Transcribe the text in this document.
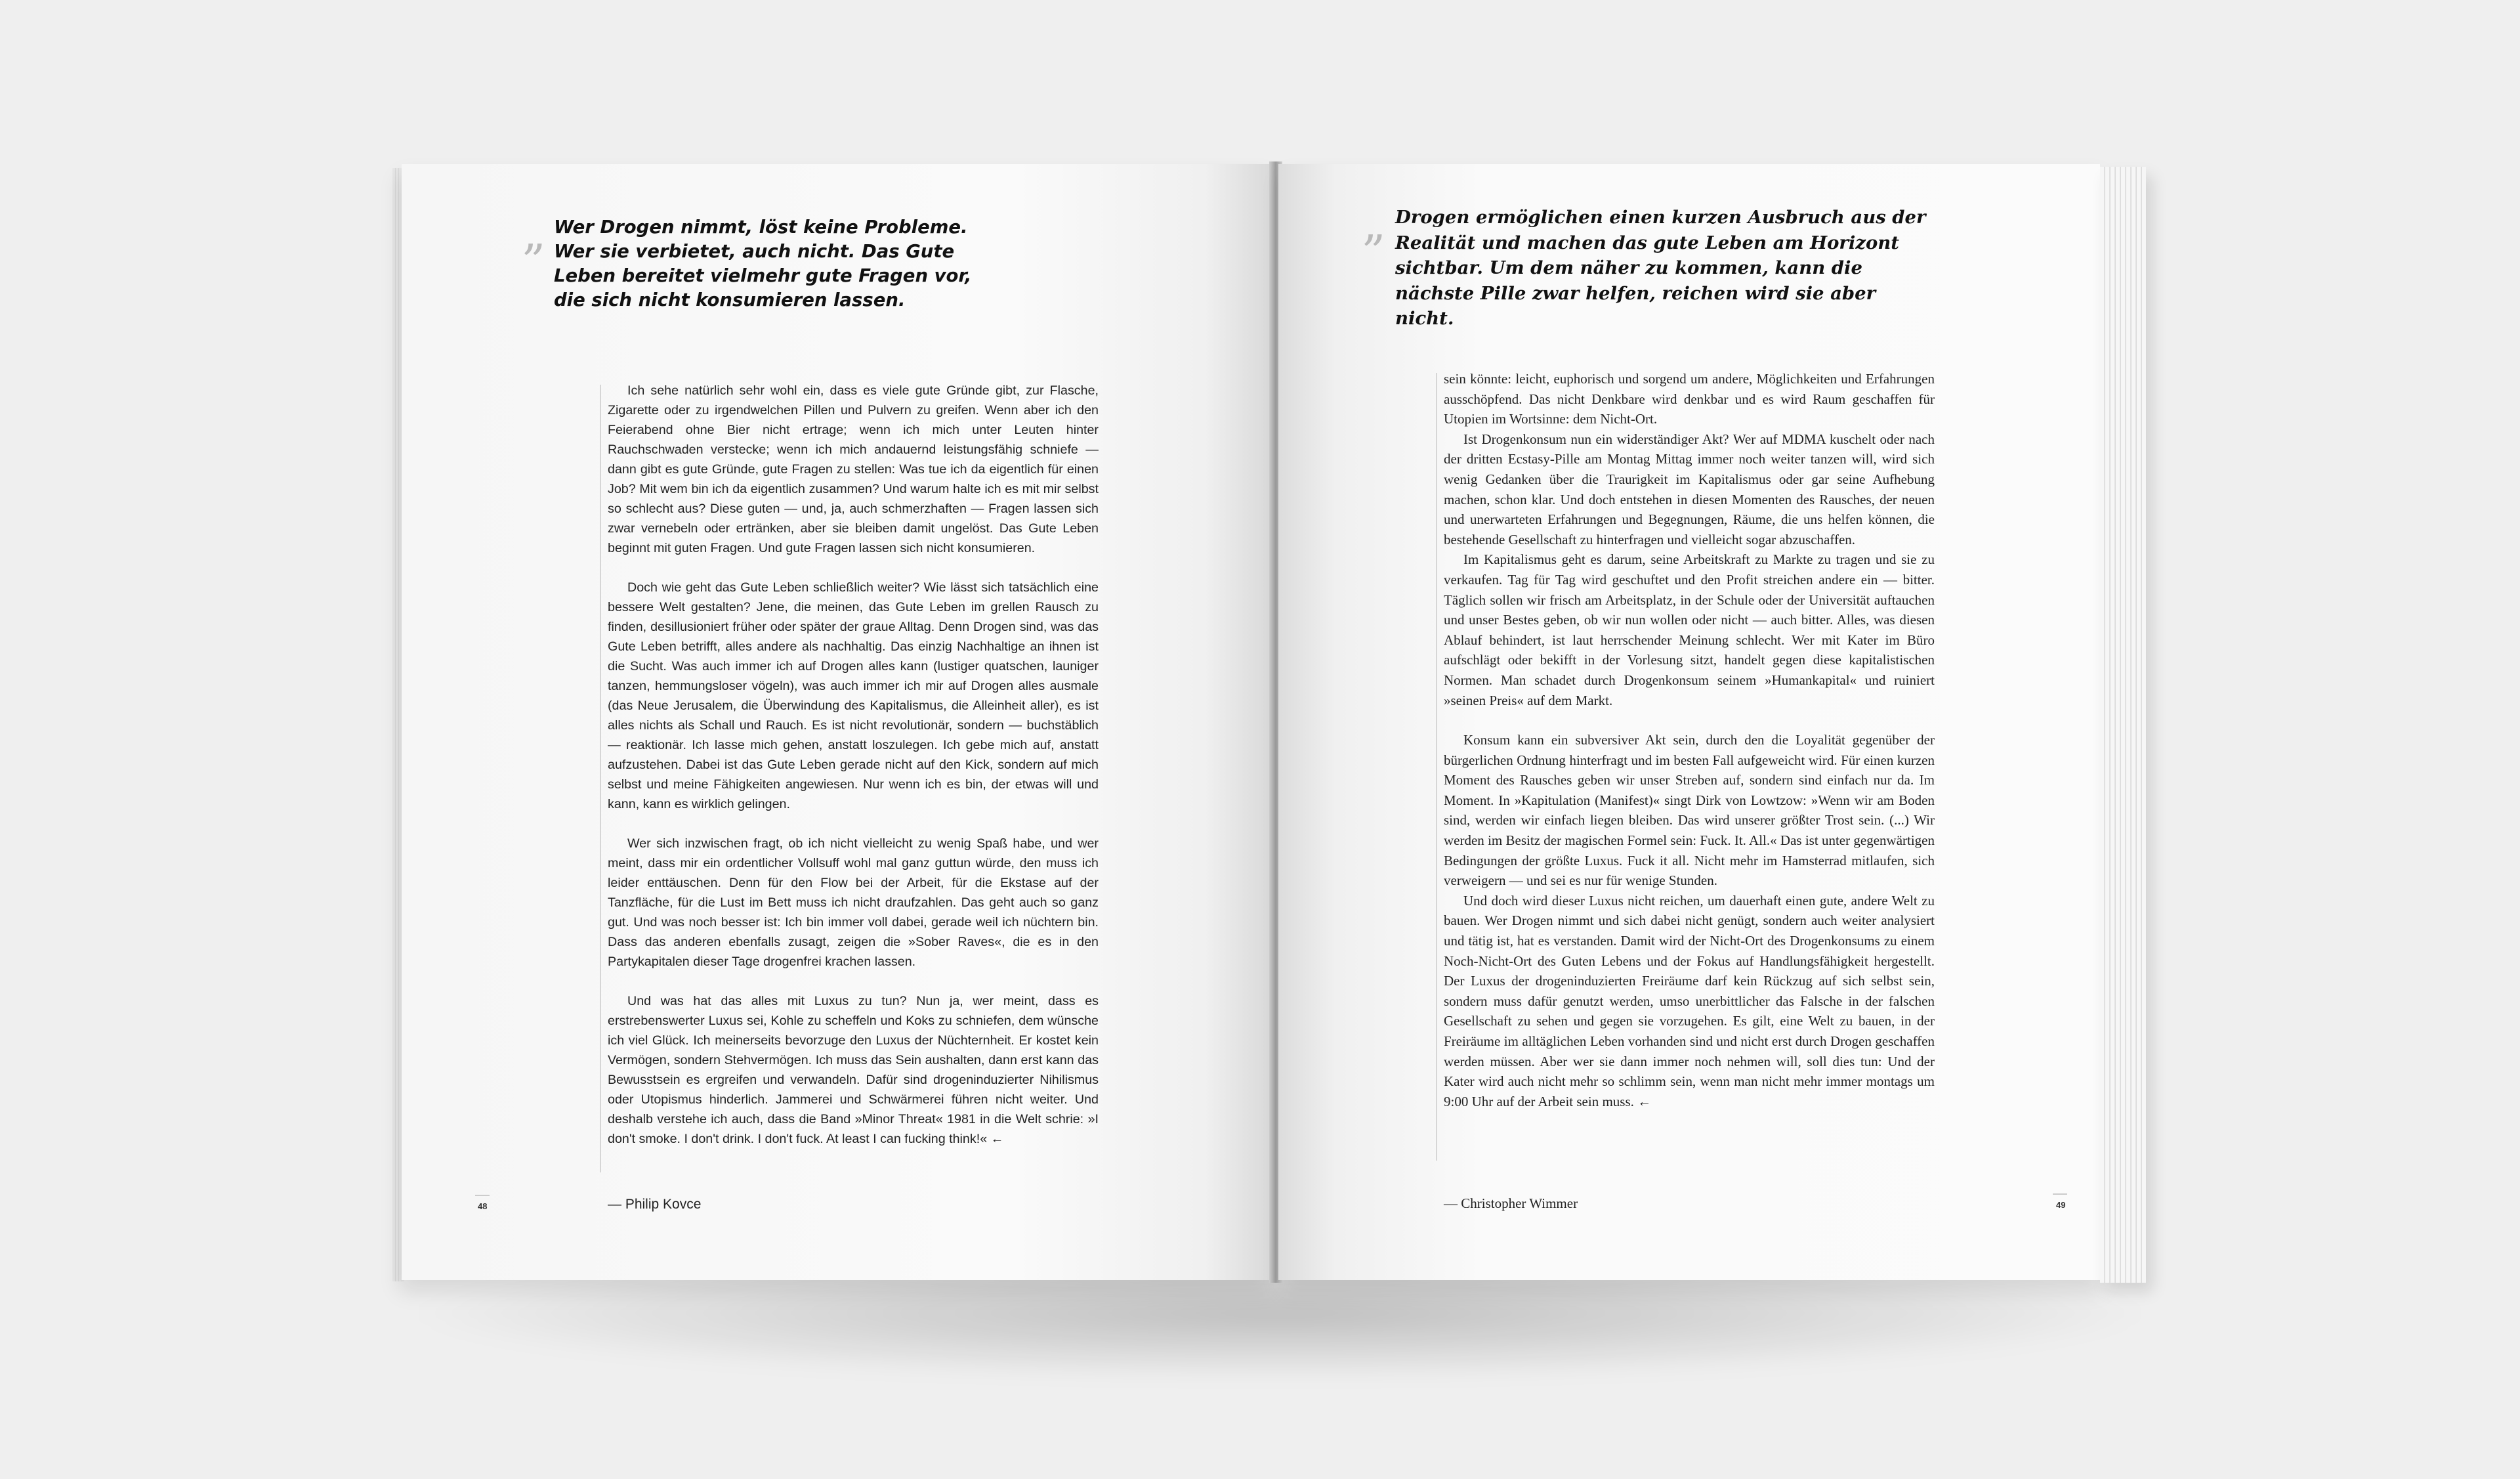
„ Wer Drogen nimmt, löst keine Probleme. Wer sie verbietet, auch nicht. Das Gute Leben bereitet vielmehr gute Fragen vor, die sich nicht konsumieren lassen.

Ich sehe natürlich sehr wohl ein, dass es viele gute Gründe gibt, zur Flasche, Zigarette oder zu irgendwelchen Pillen und Pulvern zu greifen. Wenn aber ich den Feierabend ohne Bier nicht ertrage; wenn ich mich unter Leuten hinter Rauchschwaden verstecke; wenn ich mich andauernd leistungsfähig schniefe — dann gibt es gute Gründe, gute Fragen zu stellen: Was tue ich da eigentlich für einen Job? Mit wem bin ich da eigentlich zusammen? Und warum halte ich es mit mir selbst so schlecht aus? Diese guten — und, ja, auch schmerzhaften — Fragen lassen sich zwar vernebeln oder ertränken, aber sie bleiben damit ungelöst. Das Gute Leben beginnt mit guten Fragen. Und gute Fragen lassen sich nicht konsumieren.

Doch wie geht das Gute Leben schließlich weiter? Wie lässt sich tatsächlich eine bessere Welt gestalten? Jene, die meinen, das Gute Leben im grellen Rausch zu finden, desillusioniert früher oder später der graue Alltag. Denn Drogen sind, was das Gute Leben betrifft, alles andere als nachhaltig. Das einzig Nachhaltige an ihnen ist die Sucht. Was auch immer ich auf Drogen alles kann (lustiger quatschen, launiger tanzen, hemmungsloser vögeln), was auch immer ich mir auf Drogen alles ausmale (das Neue Jerusalem, die Überwindung des Kapitalismus, die Alleinheit aller), es ist alles nichts als Schall und Rauch. Es ist nicht revolutionär, sondern — buchstäblich — reaktionär. Ich lasse mich gehen, anstatt loszulegen. Ich gebe mich auf, anstatt aufzustehen. Dabei ist das Gute Leben gerade nicht auf den Kick, sondern auf mich selbst und meine Fähigkeiten angewiesen. Nur wenn ich es bin, der etwas will und kann, kann es wirklich gelingen.

Wer sich inzwischen fragt, ob ich nicht vielleicht zu wenig Spaß habe, und wer meint, dass mir ein ordentlicher Vollsuff wohl mal ganz guttun würde, den muss ich leider enttäuschen. Denn für den Flow bei der Arbeit, für die Ekstase auf der Tanzfläche, für die Lust im Bett muss ich nicht draufzahlen. Das geht auch so ganz gut. Und was noch besser ist: Ich bin immer voll dabei, gerade weil ich nüchtern bin. Dass das anderen ebenfalls zusagt, zeigen die »Sober Raves«, die es in den Partykapitalen dieser Tage drogenfrei krachen lassen.

Und was hat das alles mit Luxus zu tun? Nun ja, wer meint, dass es erstrebenswerter Luxus sei, Kohle zu scheffeln und Koks zu schniefen, dem wünsche ich viel Glück. Ich meinerseits bevorzuge den Luxus der Nüchternheit. Er kostet kein Vermögen, sondern Stehvermögen. Ich muss das Sein aushalten, dann erst kann das Bewusstsein es ergreifen und verwandeln. Dafür sind drogeninduzierter Nihilismus oder Utopismus hinderlich. Jammerei und Schwärmerei führen nicht weiter. Und deshalb verstehe ich auch, dass die Band »Minor Threat« 1981 in die Welt schrie: »I don't smoke. I don't drink. I don't fuck. At least I can fucking think!« ←

— Philip Kovce
48
„ Drogen ermöglichen einen kurzen Ausbruch aus der Realität und machen das gute Leben am Horizont sichtbar. Um dem näher zu kommen, kann die nächste Pille zwar helfen, reichen wird sie aber nicht.

sein könnte: leicht, euphorisch und sorgend um andere, Möglichkeiten und Erfahrungen ausschöpfend. Das nicht Denkbare wird denkbar und es wird Raum geschaffen für Utopien im Wortsinne: dem Nicht-Ort.

Ist Drogenkonsum nun ein widerständiger Akt? Wer auf MDMA kuschelt oder nach der dritten Ecstasy-Pille am Montag Mittag immer noch weiter tanzen will, wird sich wenig Gedanken über die Traurigkeit im Kapitalismus oder gar seine Aufhebung machen, schon klar. Und doch entstehen in diesen Momenten des Rausches, der neuen und unerwarteten Erfahrungen und Begegnungen, Räume, die uns helfen können, die bestehende Gesellschaft zu hinterfragen und vielleicht sogar abzuschaffen.

Im Kapitalismus geht es darum, seine Arbeitskraft zu Markte zu tragen und sie zu verkaufen. Tag für Tag wird geschuftet und den Profit streichen andere ein — bitter. Täglich sollen wir frisch am Arbeitsplatz, in der Schule oder der Universität auftauchen und unser Bestes geben, ob wir nun wollen oder nicht — auch bitter. Alles, was diesen Ablauf behindert, ist laut herrschender Meinung schlecht. Wer mit Kater im Büro aufschlägt oder bekifft in der Vorlesung sitzt, handelt gegen diese kapitalistischen Normen. Man schadet durch Drogenkonsum seinem »Humankapital« und ruiniert »seinen Preis« auf dem Markt.

Konsum kann ein subversiver Akt sein, durch den die Loyalität gegenüber der bürgerlichen Ordnung hinterfragt und im besten Fall aufgeweicht wird. Für einen kurzen Moment des Rausches geben wir unser Streben auf, sondern sind einfach nur da. Im Moment. In »Kapitulation (Manifest)« singt Dirk von Lowtzow: »Wenn wir am Boden sind, werden wir einfach liegen bleiben. Das wird unserer größter Trost sein. (...) Wir werden im Besitz der magischen Formel sein: Fuck. It. All.« Das ist unter gegenwärtigen Bedingungen der größte Luxus. Fuck it all. Nicht mehr im Hamsterrad mitlaufen, sich verweigern — und sei es nur für wenige Stunden.

Und doch wird dieser Luxus nicht reichen, um dauerhaft einen gute, andere Welt zu bauen. Wer Drogen nimmt und sich dabei nicht genügt, sondern auch weiter analysiert und tätig ist, hat es verstanden. Damit wird der Nicht-Ort des Drogenkonsums zu einem Noch-Nicht-Ort des Guten Lebens und der Fokus auf Handlungsfähigkeit hergestellt. Der Luxus der drogeninduzierten Freiräume darf kein Rückzug auf sich selbst sein, sondern muss dafür genutzt werden, umso unerbittlicher das Falsche in der falschen Gesellschaft zu sehen und gegen sie vorzugehen. Es gilt, eine Welt zu bauen, in der Freiräume im alltäglichen Leben vorhanden sind und nicht erst durch Drogen geschaffen werden müssen. Aber wer sie dann immer noch nehmen will, soll dies tun: Und der Kater wird auch nicht mehr so schlimm sein, wenn man nicht mehr immer montags um 9:00 Uhr auf der Arbeit sein muss. ←

— Christopher Wimmer	49
